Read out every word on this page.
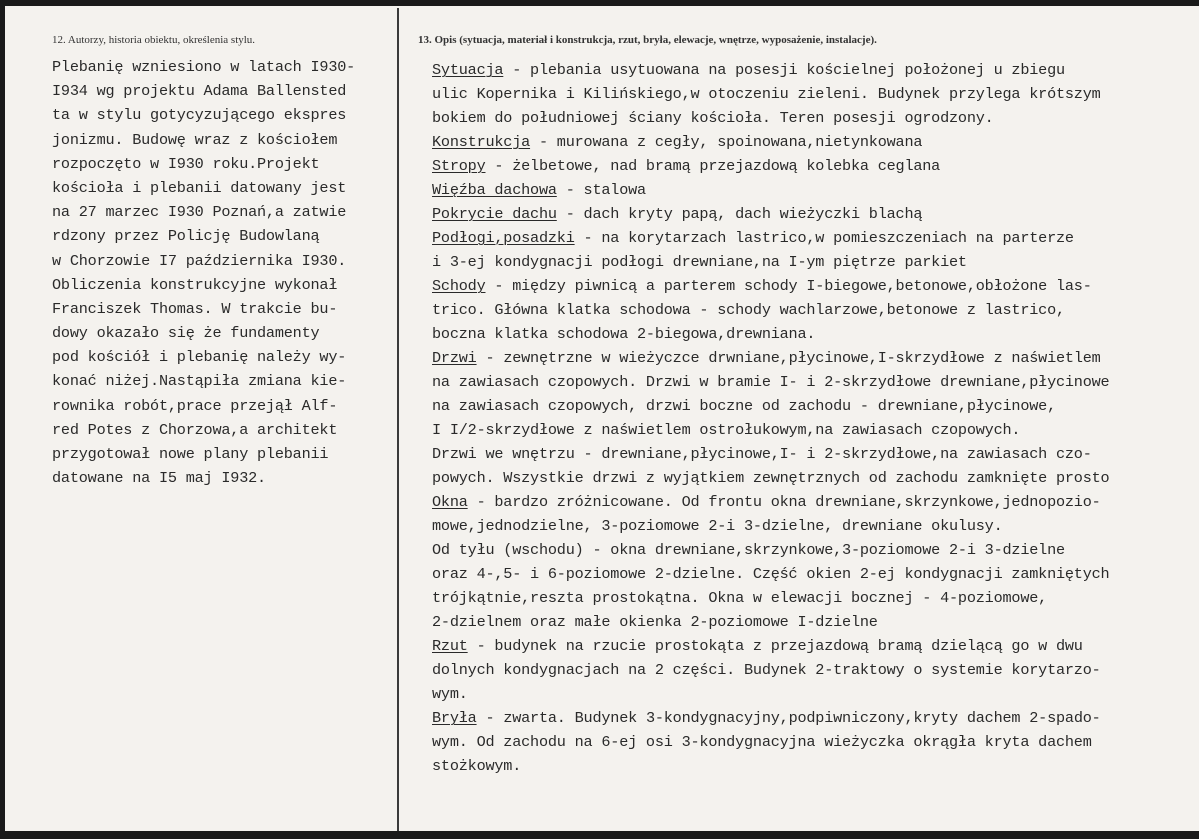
12. Autorzy, historia obiektu, określenia stylu.	13. Opis (sytuacja, materiał i konstrukcja, rzut, bryła, elewacje, wnętrze, wyposażenie, instalacje).
Plebanię wzniesiono w latach I930-
I934 wg projektu Adama Ballensted
ta w stylu gotycyzującego ekspres
jonizmu. Budowę wraz z kościołem
rozpoczęto w I930 roku.Projekt
kościoła i plebanii datowany jest
na 27 marzec I930 Poznań,a zatwie
rdzony przez Policję Budowlaną
w Chorzowie I7 października I930.
Obliczenia konstrukcyjne wykonał
Franciszek Thomas. W trakcie bu-
dowy okazało się że fundamenty
pod kościół i plebanię należy wy-
konać niżej.Nastąpiła zmiana kie-
rownika robót,prace przejął Alf-
red Potes z Chorzowa,a architekt
przygotował nowe plany plebanii
datowane na I5 maj I932.
Sytuacja - plebania usytuowana na posesji kościelnej położonej u zbiegu
ulic Kopernika i Kilińskiego,w otoczeniu zieleni. Budynek przylega krótszym
bokiem do południowej ściany kościoła. Teren posesji ogrodzony.
Konstrukcja - murowana z cegły, spoinowana,nietynkowana
Stropy - żelbetowe, nad bramą przejazdową kolebka ceglana
Więźba dachowa - stalowa
Pokrycie dachu - dach kryty papą, dach wieżyczki blachą
Podłogi,posadzki - na korytarzach lastrico,w pomieszczeniach na parterze
i 3-ej kondygnacji podłogi drewniane,na I-ym piętrze parkiet
Schody - między piwnicą a parterem schody I-biegowe,betonowe,obłożone las-
trico. Główna klatka schodowa - schody wachlarzowe,betonowe z lastrico,
boczna klatka schodowa 2-biegowa,drewniana.
Drzwi - zewnętrzne w wieżyczce drwniane,płycinowe,I-skrzydłowe z naświetlem
na zawiasach czopowych. Drzwi w bramie I- i 2-skrzydłowe drewniane,płycinowe
na zawiasach czopowych, drzwi boczne od zachodu - drewniane,płycinowe,
I I/2-skrzydłowe z naświetlem ostrołukowym,na zawiasach czopowych.
Drzwi we wnętrzu - drewniane,płycinowe,I- i 2-skrzydłowe,na zawiasach czo-
powych. Wszystkie drzwi z wyjątkiem zewnętrznych od zachodu zamknięte prosto
Okna - bardzo zróżnicowane. Od frontu okna drewniane,skrzynkowe,jednopozio-
mowe,jednodzielne, 3-poziomowe 2-i 3-dzielne, drewniane okulusy.
Od tyłu (wschodu) - okna drewniane,skrzynkowe,3-poziomowe 2-i 3-dzielne
oraz 4-,5- i 6-poziomowe 2-dzielne. Część okien 2-ej kondygnacji zamkniętych
trójkątnie,reszta prostokątna. Okna w elewacji bocznej - 4-poziomowe,
2-dzielnem oraz małe okienka 2-poziomowe I-dzielne
Rzut - budynek na rzucie prostokąta z przejazdową bramą dzielącą go w dwu
dolnych kondygnacjach na 2 części. Budynek 2-traktowy o systemie korytarzo-
wym.
Bryła - zwarta. Budynek 3-kondygnacyjny,podpiwniczony,kryty dachem 2-spado-
wym. Od zachodu na 6-ej osi 3-kondygnacyjna wieżyczka okrągła kryta dachem
stożkowym.
